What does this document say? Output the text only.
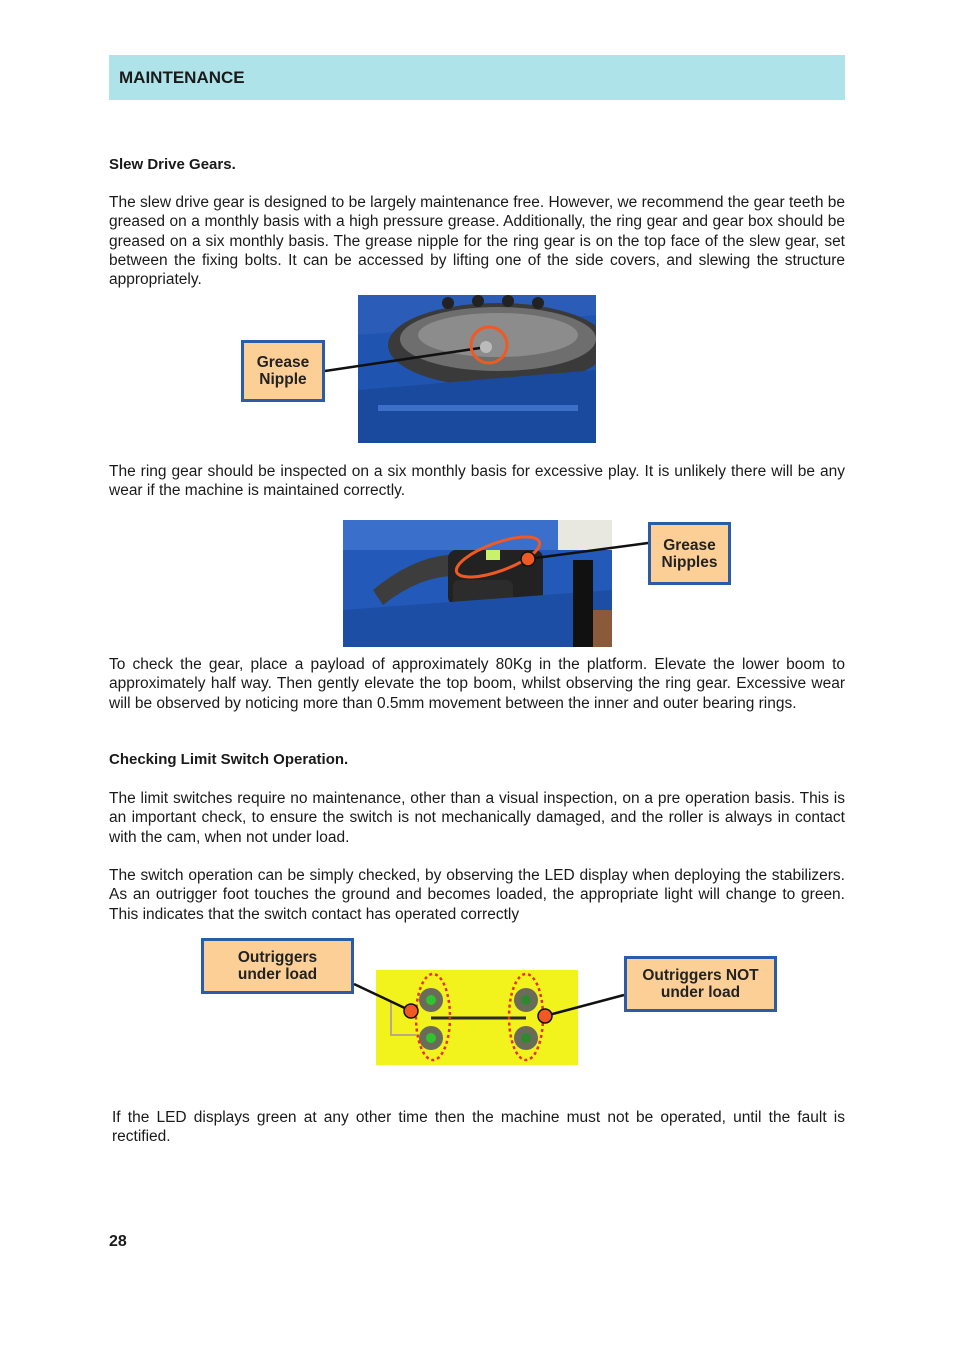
MAINTENANCE
Slew Drive Gears.
The slew drive gear is designed to be largely maintenance free. However, we recommend the gear teeth be greased on a monthly basis with a high pressure grease. Additionally, the ring gear and gear box should be greased on a six monthly basis. The grease nipple for the ring gear is on the top face of the slew gear, set between the fixing bolts. It can be accessed by lifting one of the side covers, and slewing the structure appropriately.
Grease
Nipple
The ring gear should be inspected on a six monthly basis for excessive play. It is unlikely there will be any wear if the machine is maintained correctly.
Grease
Nipples
To check the gear, place a payload of approximately 80Kg in the platform. Elevate the lower boom to approximately half way. Then gently elevate the top boom, whilst observing the ring gear. Excessive wear will be observed by noticing more than 0.5mm movement between the inner and outer bearing rings.
Checking Limit Switch Operation.
The limit switches require no maintenance, other than a visual inspection, on a pre operation basis. This is an important check, to ensure the switch is not mechanically damaged, and the roller is always in contact with the cam, when not under load.
The switch operation can be simply checked, by observing the LED display when deploying the stabilizers. As an outrigger foot touches the ground and becomes loaded, the appropriate light will change to green. This indicates that the switch contact has operated correctly
Outriggers
under load	Outriggers NOT
under load
If the LED displays green at any other time then the machine must not be operated, until the fault is rectified.
28
